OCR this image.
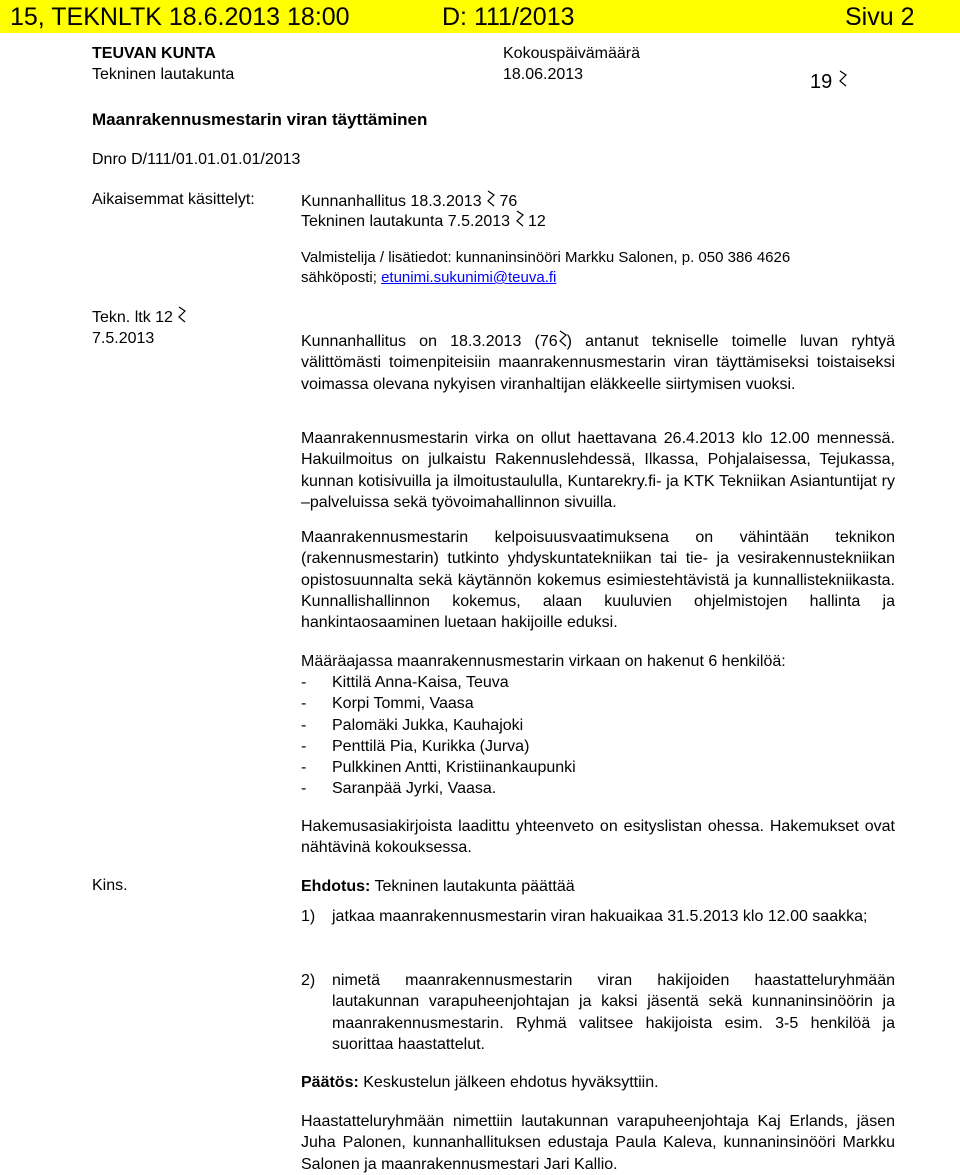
15, TEKNLTK 18.6.2013 18:00	D: 111/2013	Sivu 2
TEUVAN KUNTA
Tekninen lautakunta
Kokouspäivämäärä
18.06.2013	19
Maanrakennusmestarin viran täyttäminen
Dnro D/111/01.01.01.01/2013
Aikaisemmat käsittelyt:	Kunnanhallitus 18.3.2013 76
Tekninen lautakunta 7.5.2013 12
Valmistelija / lisätiedot: kunnaninsinööri Markku Salonen, p. 050 386 4626
sähköposti; etunimi.sukunimi@teuva.fi
Tekn. ltk 12
7.5.2013
Kins.
Kunnanhallitus on 18.3.2013 (76 ) antanut tekniselle toimelle luvan ryhtyä välittömästi toimenpiteisiin maanrakennusmestarin viran täyttämiseksi toistaiseksi voimassa olevana nykyisen viranhaltijan eläkkeelle siirtymisen vuoksi.
Maanrakennusmestarin virka on ollut haettavana 26.4.2013 klo 12.00 mennessä. Hakuilmoitus on julkaistu Rakennuslehdessä, Ilkassa, Pohjalaisessa, Tejukassa, kunnan kotisivuilla ja ilmoitustaululla, Kuntarekry.fi- ja KTK Tekniikan Asiantuntijat ry –palveluissa sekä työvoimahallinnon sivuilla.
Maanrakennusmestarin kelpoisuusvaatimuksena on vähintään teknikon (rakennusmestarin) tutkinto yhdyskuntatekniikan tai tie- ja vesirakennustekniikan opistosuunnalta sekä käytännön kokemus esimiestehtävistä ja kunnallistekniikasta. Kunnallishallinnon kokemus, alaan kuuluvien ohjelmistojen hallinta ja hankintaosaaminen luetaan hakijoille eduksi.
Määräajassa maanrakennusmestarin virkaan on hakenut 6 henkilöä:
- Kittilä Anna-Kaisa, Teuva
- Korpi Tommi, Vaasa
- Palomäki Jukka, Kauhajoki
- Penttilä Pia, Kurikka (Jurva)
- Pulkkinen Antti, Kristiinankaupunki
- Saranpää Jyrki, Vaasa.
Hakemusasiakirjoista laadittu yhteenveto on esityslistan ohessa. Hakemukset ovat nähtävinä kokouksessa.
Ehdotus: Tekninen lautakunta päättää
1) jatkaa maanrakennusmestarin viran hakuaikaa 31.5.2013 klo 12.00 saakka;
2) nimetä maanrakennusmestarin viran hakijoiden haastatteluryhmään lautakunnan varapuheenjohtajan ja kaksi jäsentä sekä kunnaninsinöörin ja maanrakennusmestarin. Ryhmä valitsee hakijoista esim. 3-5 henkilöä ja suorittaa haastattelut.
Päätös: Keskustelun jälkeen ehdotus hyväksyttiin.
Haastatteluryhmään nimettiin lautakunnan varapuheenjohtaja Kaj Erlands, jäsen Juha Palonen, kunnanhallituksen edustaja Paula Kaleva, kunnaninsinööri Markku Salonen ja maanrakennusmestari Jari Kallio.
